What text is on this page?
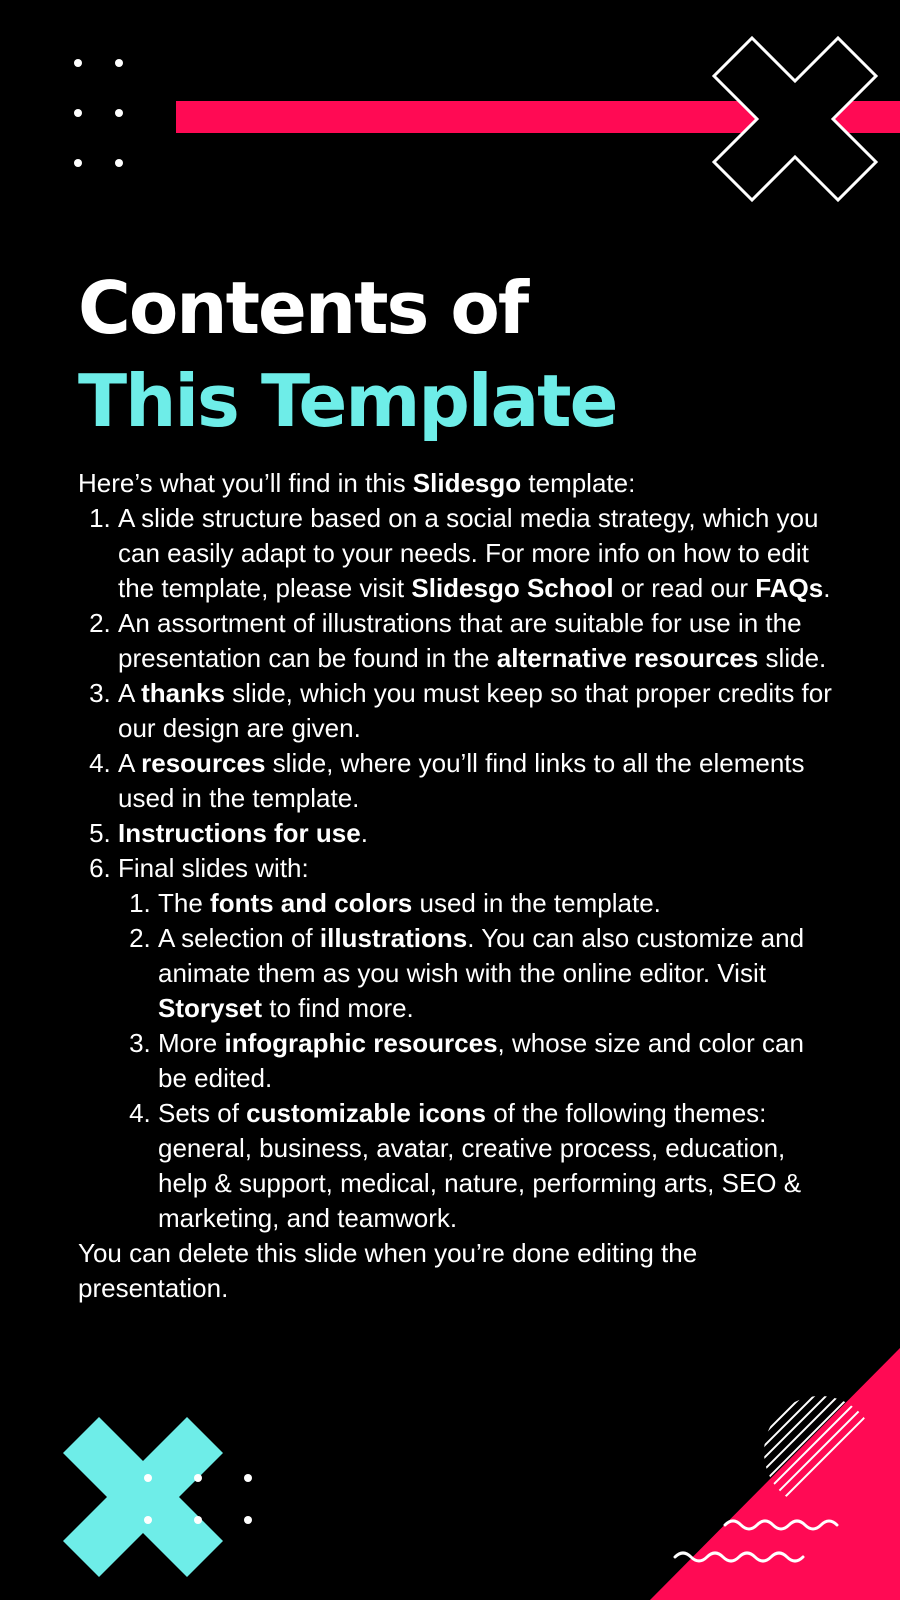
Contents of
This Template

Here’s what you’ll find in this Slidesgo template:

1. A slide structure based on a social media strategy, which you can easily adapt to your needs. For more info on how to edit the template, please visit Slidesgo School or read our FAQs.
2. An assortment of illustrations that are suitable for use in the presentation can be found in the alternative resources slide.
3. A thanks slide, which you must keep so that proper credits for our design are given.
4. A resources slide, where you’ll find links to all the elements used in the template.
5. Instructions for use.
6. Final slides with:
1. The fonts and colors used in the template.
2. A selection of illustrations. You can also customize and animate them as you wish with the online editor. Visit Storyset to find more.
3. More infographic resources, whose size and color can be edited.
4. Sets of customizable icons of the following themes: general, business, avatar, creative process, education, help & support, medical, nature, performing arts, SEO & marketing, and teamwork.

You can delete this slide when you’re done editing the presentation.
